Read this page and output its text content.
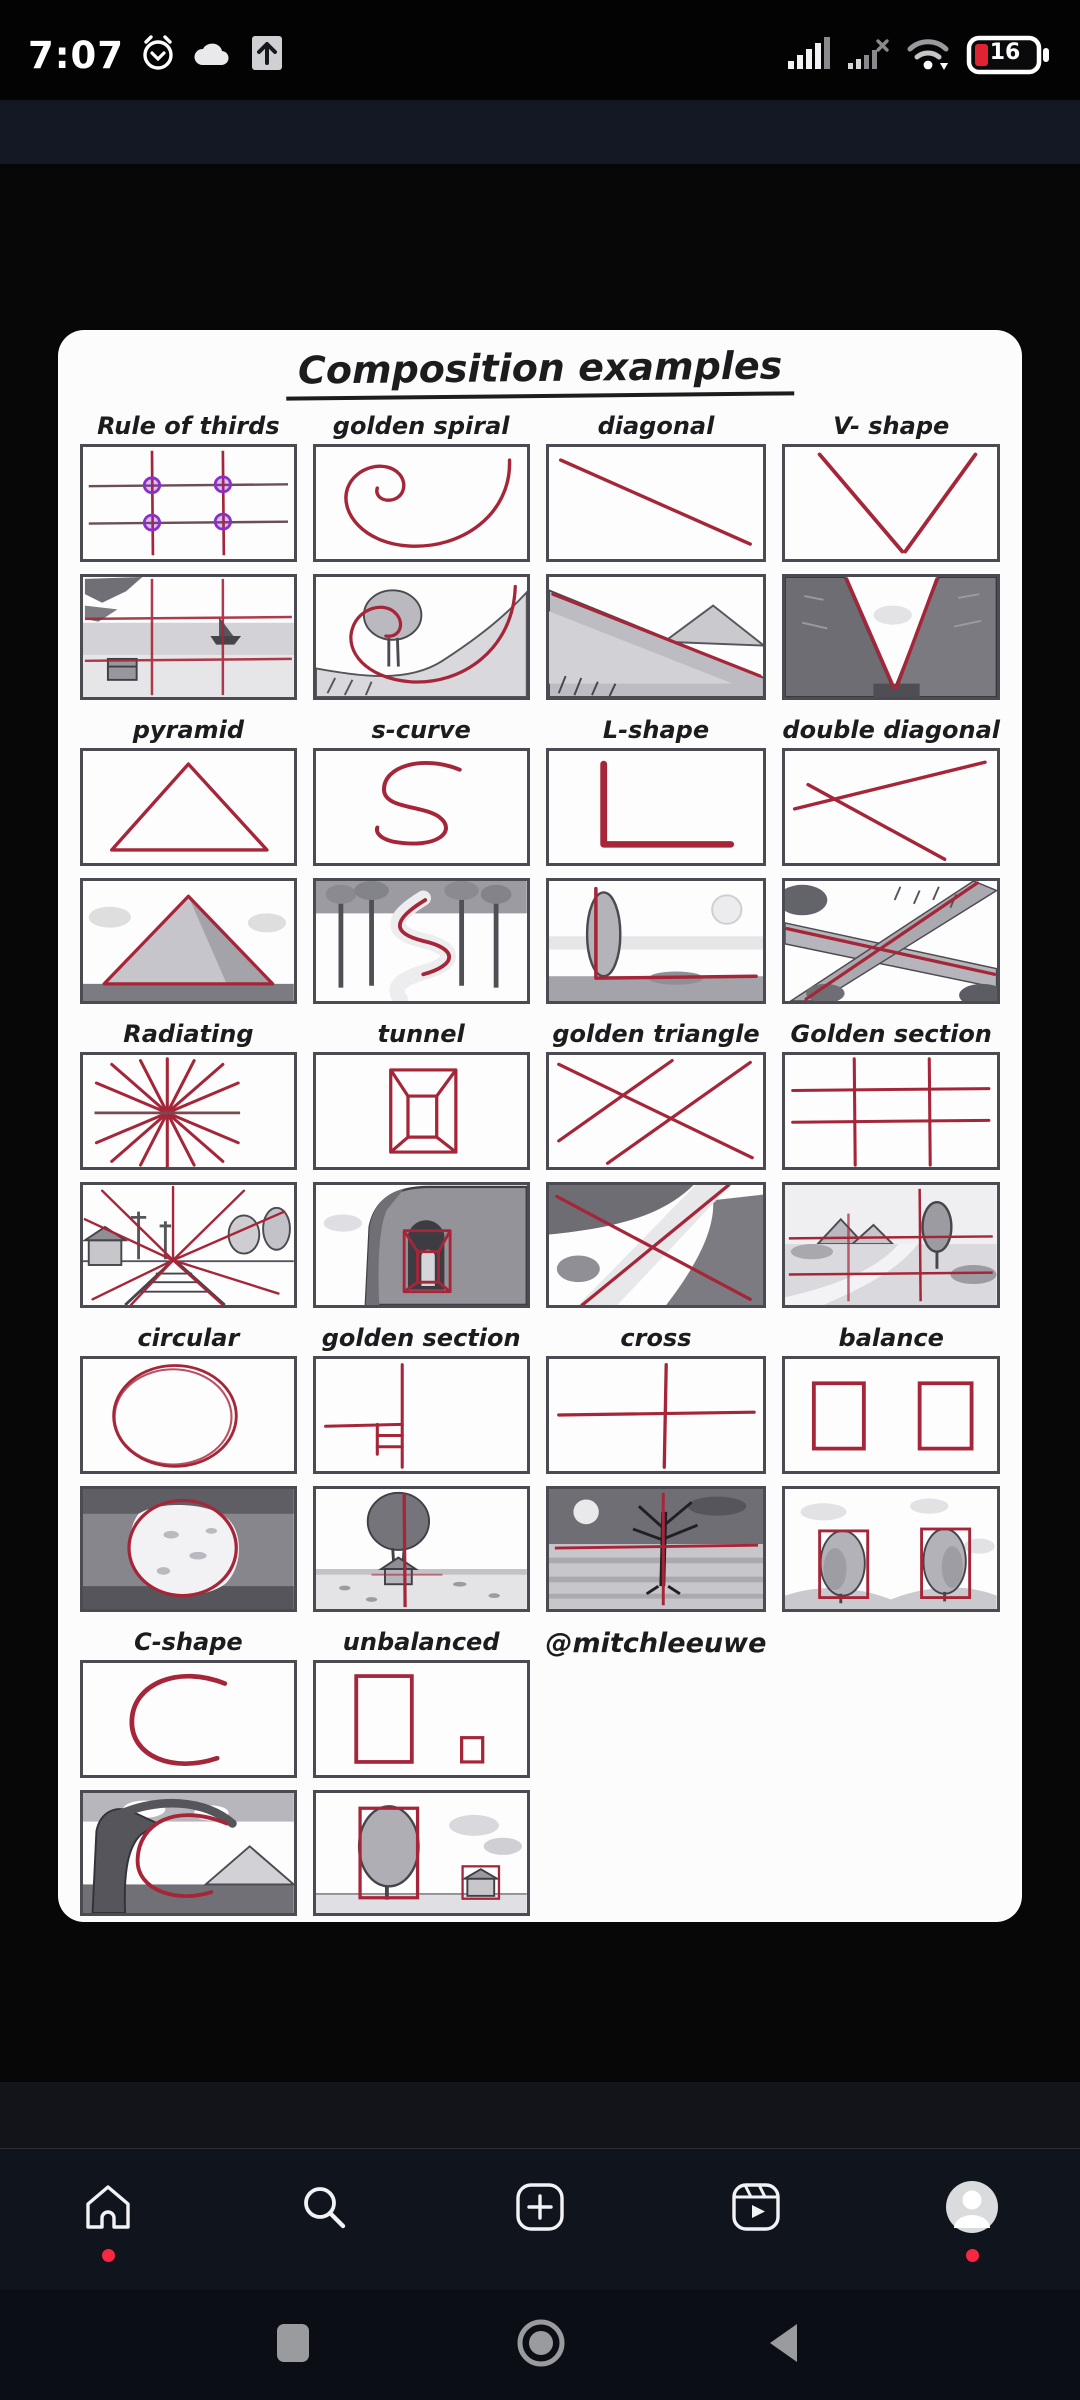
7:07	16
Composition examples
Rule of thirds golden spiral	diagonal	V- shape
pyramid	s-curve	L-shape	double diagonal
Radiating	tunnel	golden triangle Golden section
circular	golden section	cross	balance
C-shape	unbalanced @mitchleeuwe
